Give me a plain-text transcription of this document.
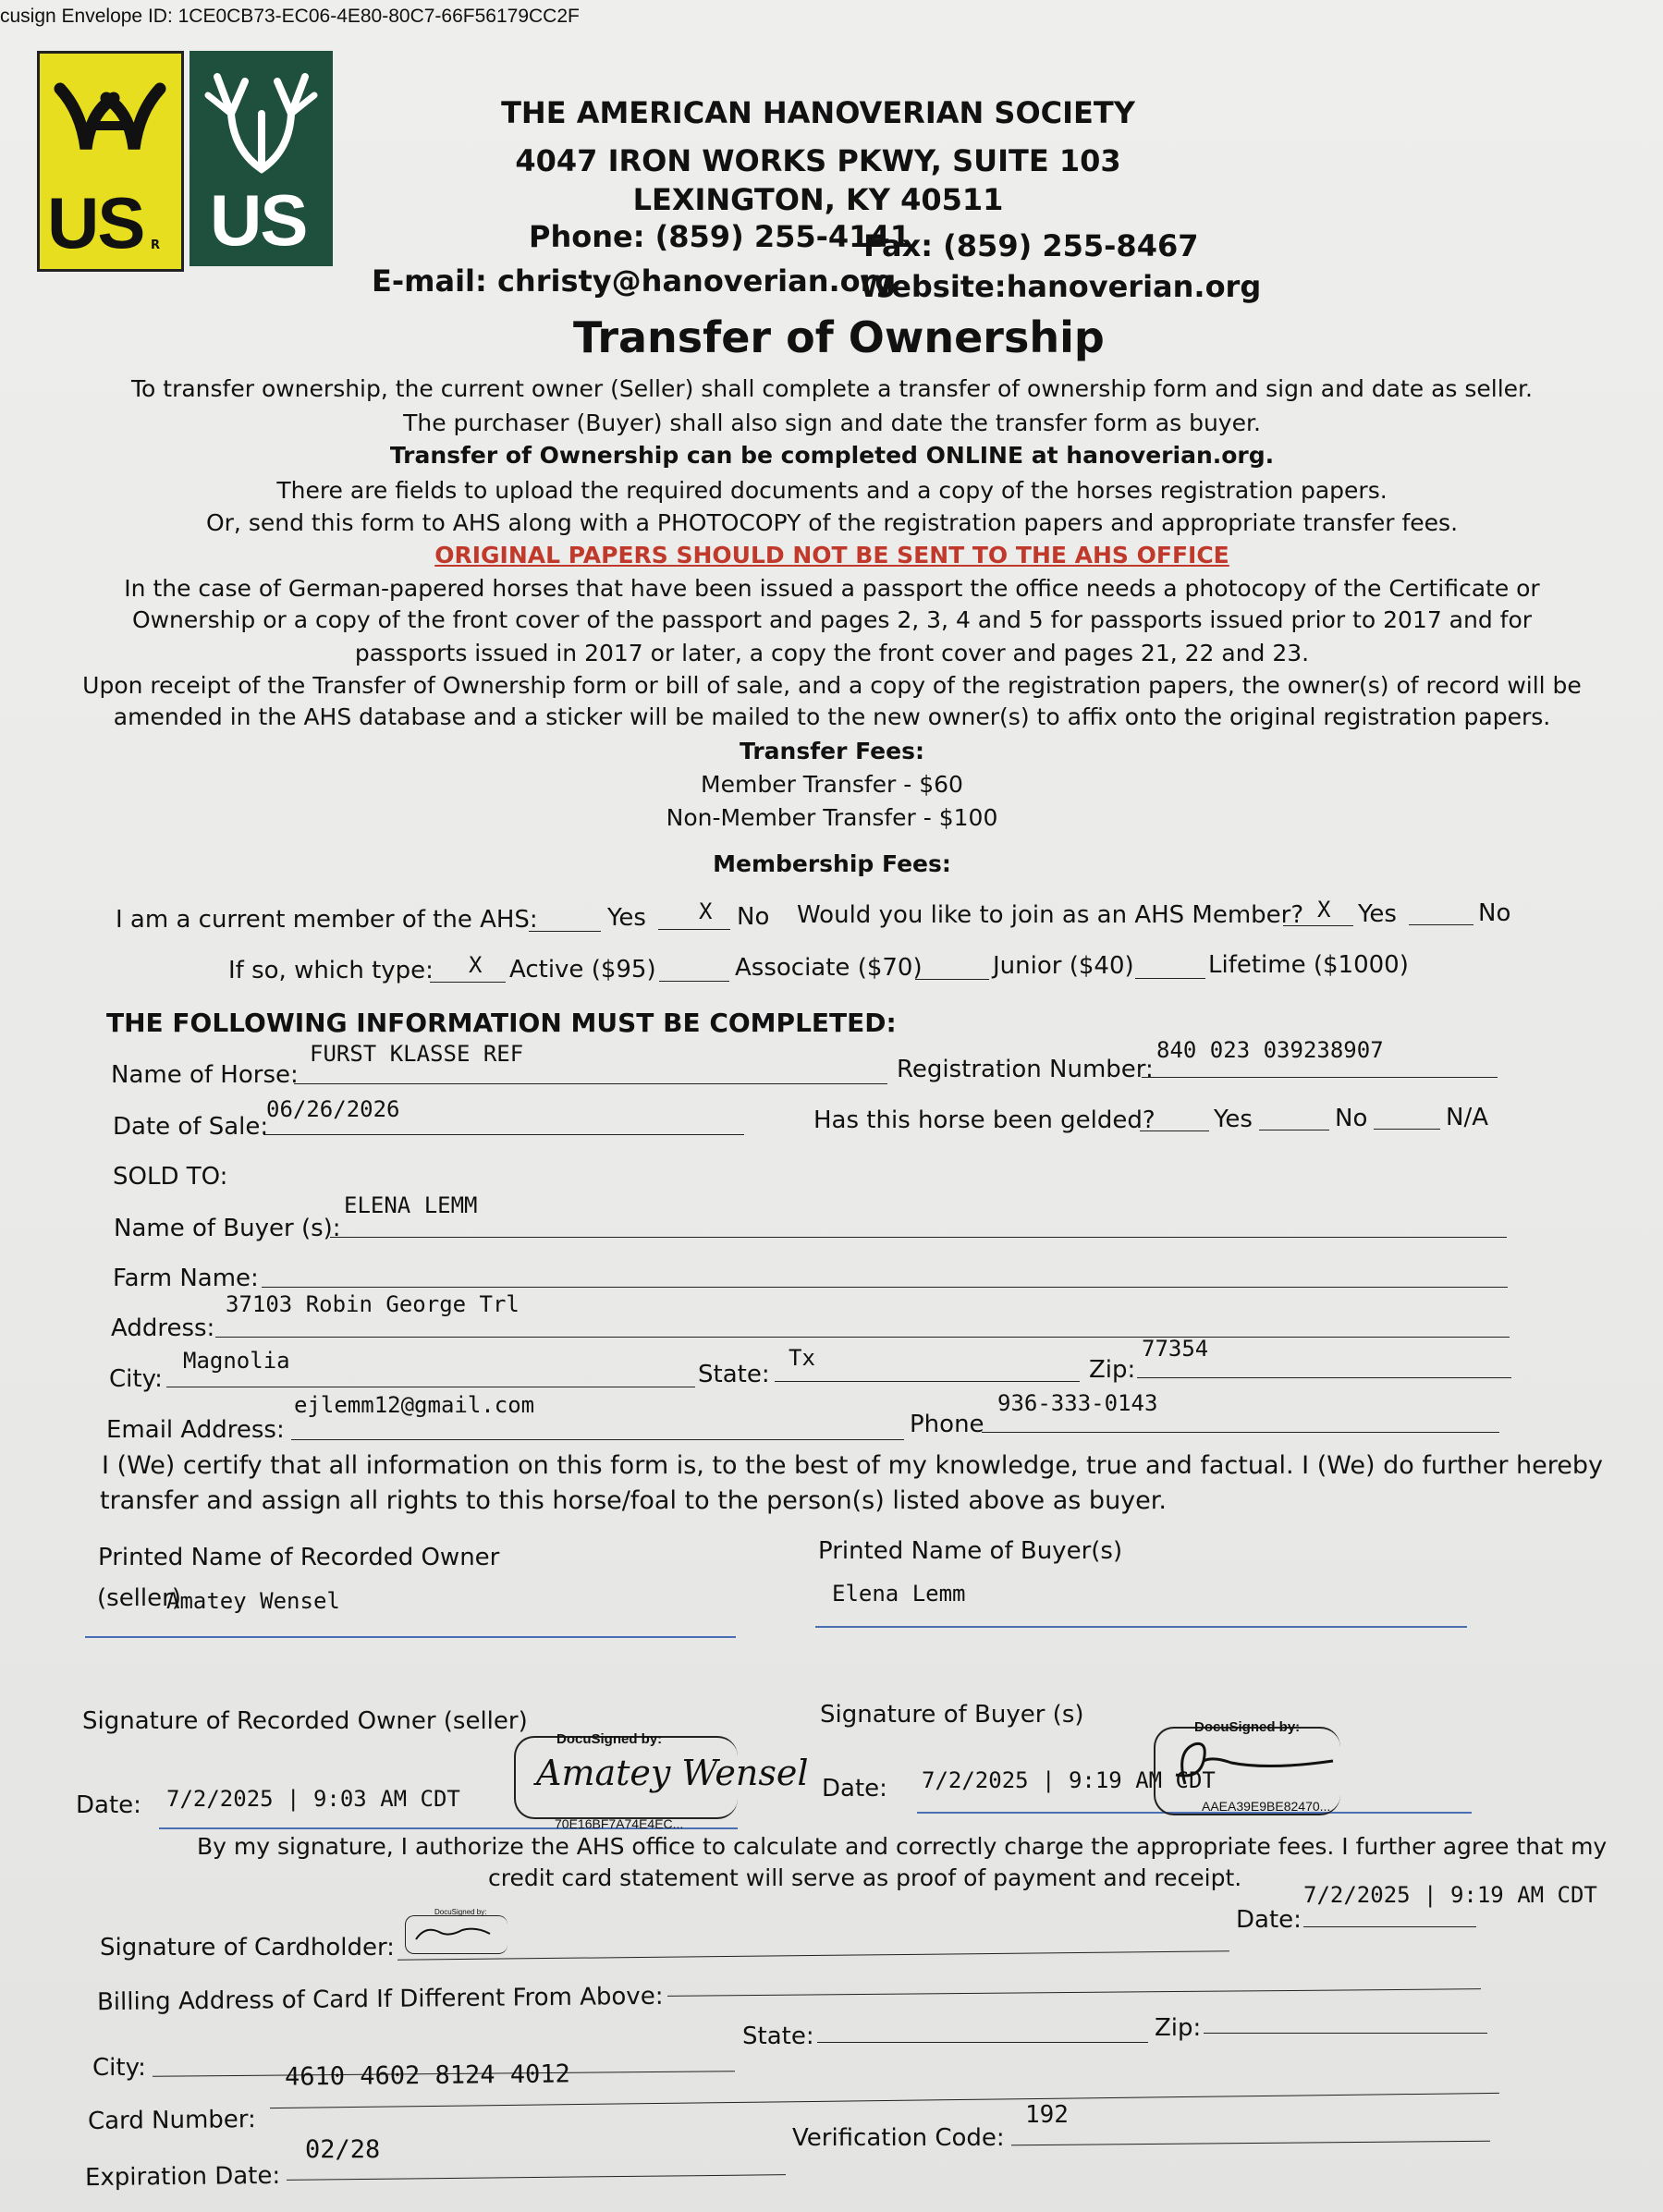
cusign Envelope ID: 1CE0CB73-EC06-4E80-80C7-66F56179CC2F
US R US
THE AMERICAN HANOVERIAN SOCIETY
4047 IRON WORKS PKWY, SUITE 103
LEXINGTON, KY 40511
Phone: (859) 255-4141
Fax: (859) 255-8467
E-mail: christy@hanoverian.org
Website:hanoverian.org
Transfer of Ownership
To transfer ownership, the current owner (Seller) shall complete a transfer of ownership form and sign and date as seller.
The purchaser (Buyer) shall also sign and date the transfer form as buyer.
Transfer of Ownership can be completed ONLINE at hanoverian.org.
There are fields to upload the required documents and a copy of the horses registration papers.
Or, send this form to AHS along with a PHOTOCOPY of the registration papers and appropriate transfer fees.
ORIGINAL PAPERS SHOULD NOT BE SENT TO THE AHS OFFICE
In the case of German-papered horses that have been issued a passport the office needs a photocopy of the Certificate or
Ownership or a copy of the front cover of the passport and pages 2, 3, 4 and 5 for passports issued prior to 2017 and for
passports issued in 2017 or later, a copy the front cover and pages 21, 22 and 23.
Upon receipt of the Transfer of Ownership form or bill of sale, and a copy of the registration papers, the owner(s) of record will be
amended in the AHS database and a sticker will be mailed to the new owner(s) to affix onto the original registration papers.
Transfer Fees:
Member Transfer - $60
Non-Member Transfer - $100
Membership Fees:
I am a current member of the AHS:	Yes X No Would you like to join as an AHS Member? X Yes	No
If so, which type: X Active ($95)	Associate ($70)	Junior ($40)	Lifetime ($1000)
THE FOLLOWING INFORMATION MUST BE COMPLETED:
Name of Horse:
FURST KLASSE REF
Registration Number:
840 023 039238907
Date of Sale:
06/26/2026	Has this horse been gelded? Yes	No	N/A
SOLD TO:
Name of Buyer (s):
ELENA LEMM
Farm Name:
Address:
37103 Robin George Trl
City:
Magnolia	State:
Tx	Zip:
77354
Email Address:
ejlemm12@gmail.com
Phone
936-333-0143
I (We) certify that all information on this form is, to the best of my knowledge, true and factual. I (We) do further hereby
transfer and assign all rights to this horse/foal to the person(s) listed above as buyer.
Printed Name of Recorded Owner
(seller)
Amatey Wensel
Printed Name of Buyer(s)
Elena Lemm
Signature of Recorded Owner (seller)
Date: 7/2/2025 | 9:03 AM CDT
DocuSigned by:
Amatey Wensel
70E16BF7A74E4EC...
Signature of Buyer (s)
Date: 7/2/2025 | 9:19 AM CDT
DocuSigned by:
AAEA39E9BE82470...
By my signature, I authorize the AHS office to calculate and correctly charge the appropriate fees. I further agree that my
credit card statement will serve as proof of payment and receipt.
Signature of Cardholder:
DocuSigned by:	Date:
7/2/2025 | 9:19 AM CDT
Billing Address of Card If Different From Above:
City:
State:	Zip:
Card Number:
4610 4602 8124 4012
Expiration Date:
02/28	Verification Code:
192
